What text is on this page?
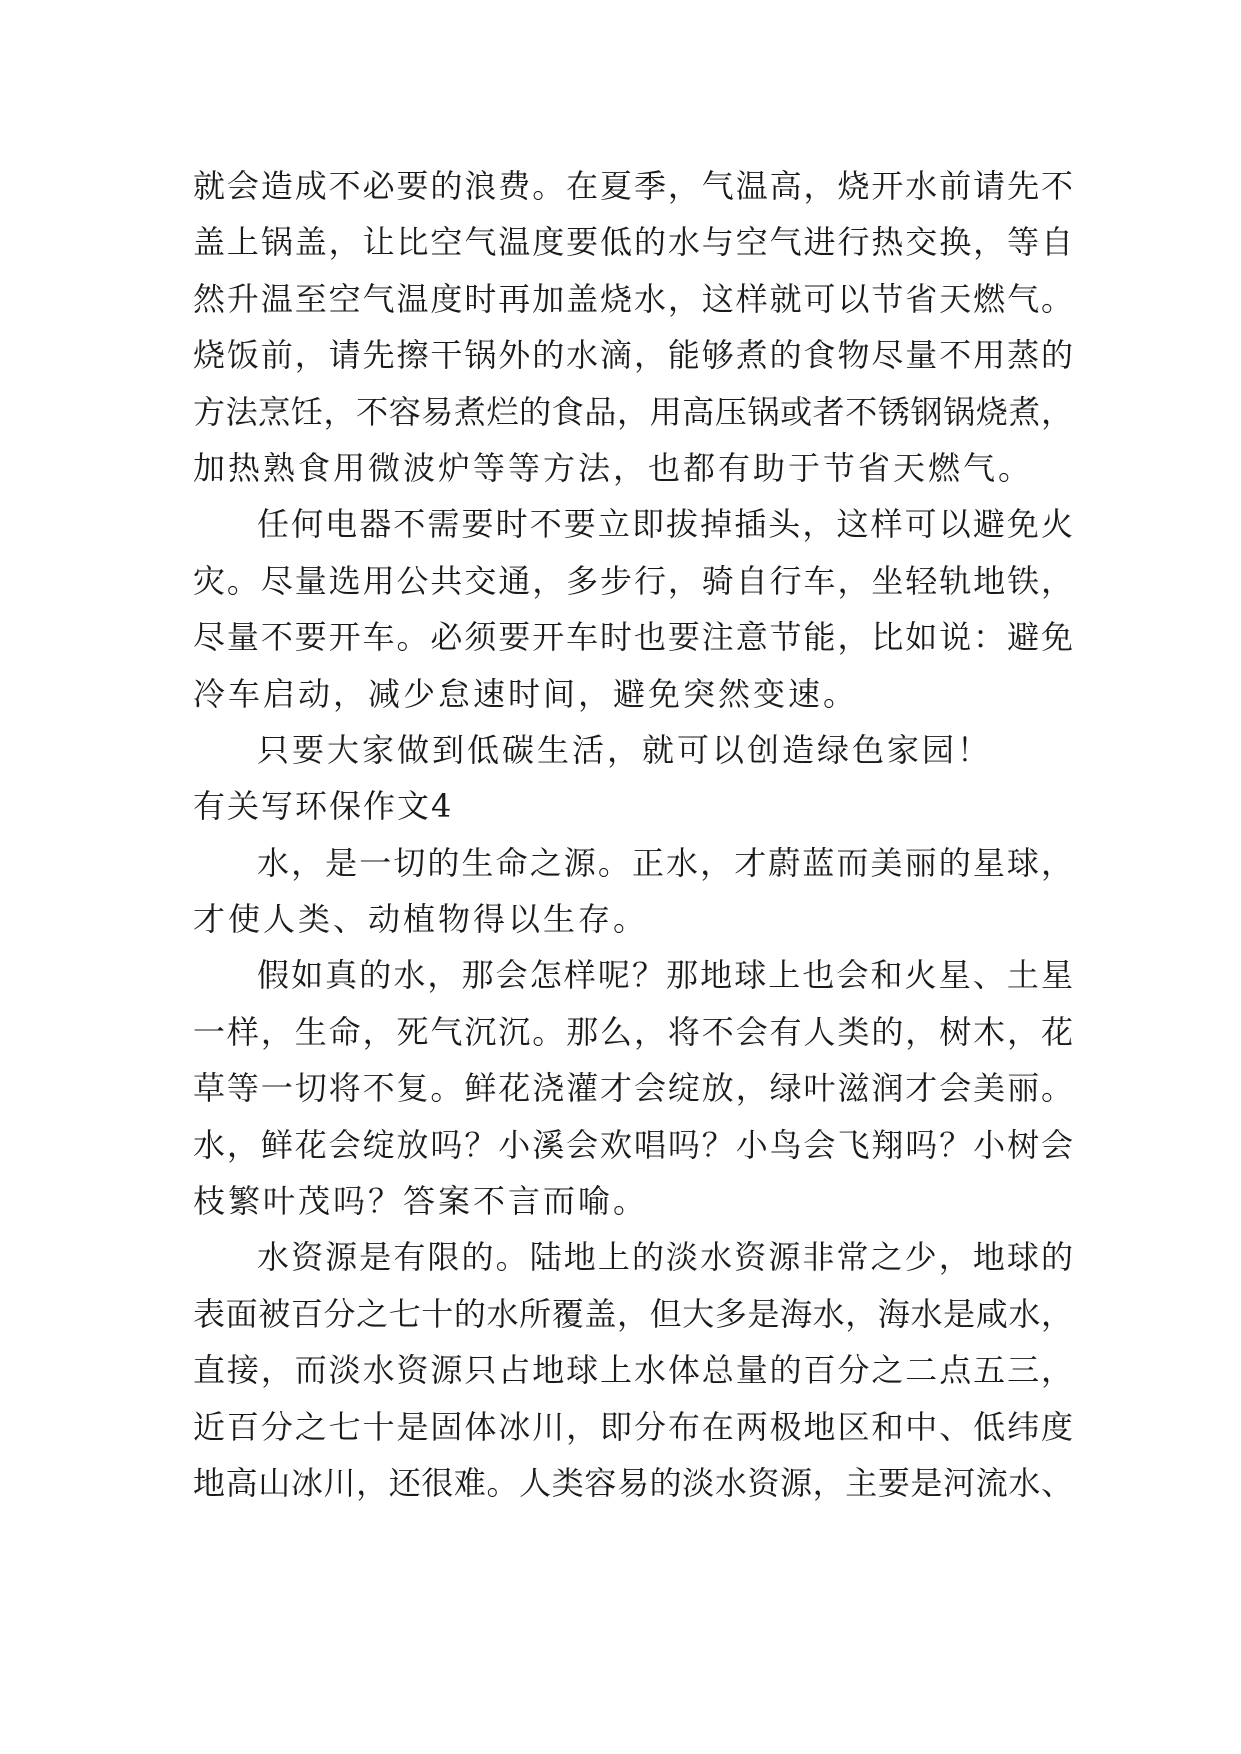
就会造成不必要的浪费。在夏季，气温高，烧开水前请先不
盖上锅盖，让比空气温度要低的水与空气进行热交换，等自
然升温至空气温度时再加盖烧水，这样就可以节省天燃气。
烧饭前，请先擦干锅外的水滴，能够煮的食物尽量不用蒸的
方法烹饪，不容易煮烂的食品，用高压锅或者不锈钢锅烧煮，
加热熟食用微波炉等等方法，也都有助于节省天燃气。
任何电器不需要时不要立即拔掉插头，这样可以避免火
灾。尽量选用公共交通，多步行，骑自行车，坐轻轨地铁，
尽量不要开车。必须要开车时也要注意节能，比如说：避免
冷车启动，减少怠速时间，避免突然变速。
只要大家做到低碳生活，就可以创造绿色家园！
有关写环保作文4
水，是一切的生命之源。正水，才蔚蓝而美丽的星球，
才使人类、动植物得以生存。
假如真的水，那会怎样呢？那地球上也会和火星、土星
一样，生命，死气沉沉。那么，将不会有人类的，树木，花
草等一切将不复。鲜花浇灌才会绽放，绿叶滋润才会美丽。
水，鲜花会绽放吗？小溪会欢唱吗？小鸟会飞翔吗？小树会
枝繁叶茂吗？答案不言而喻。
水资源是有限的。陆地上的淡水资源非常之少，地球的
表面被百分之七十的水所覆盖，但大多是海水，海水是咸水，
直接，而淡水资源只占地球上水体总量的百分之二点五三，
近百分之七十是固体冰川，即分布在两极地区和中、低纬度
地高山冰川，还很难。人类容易的淡水资源，主要是河流水、
